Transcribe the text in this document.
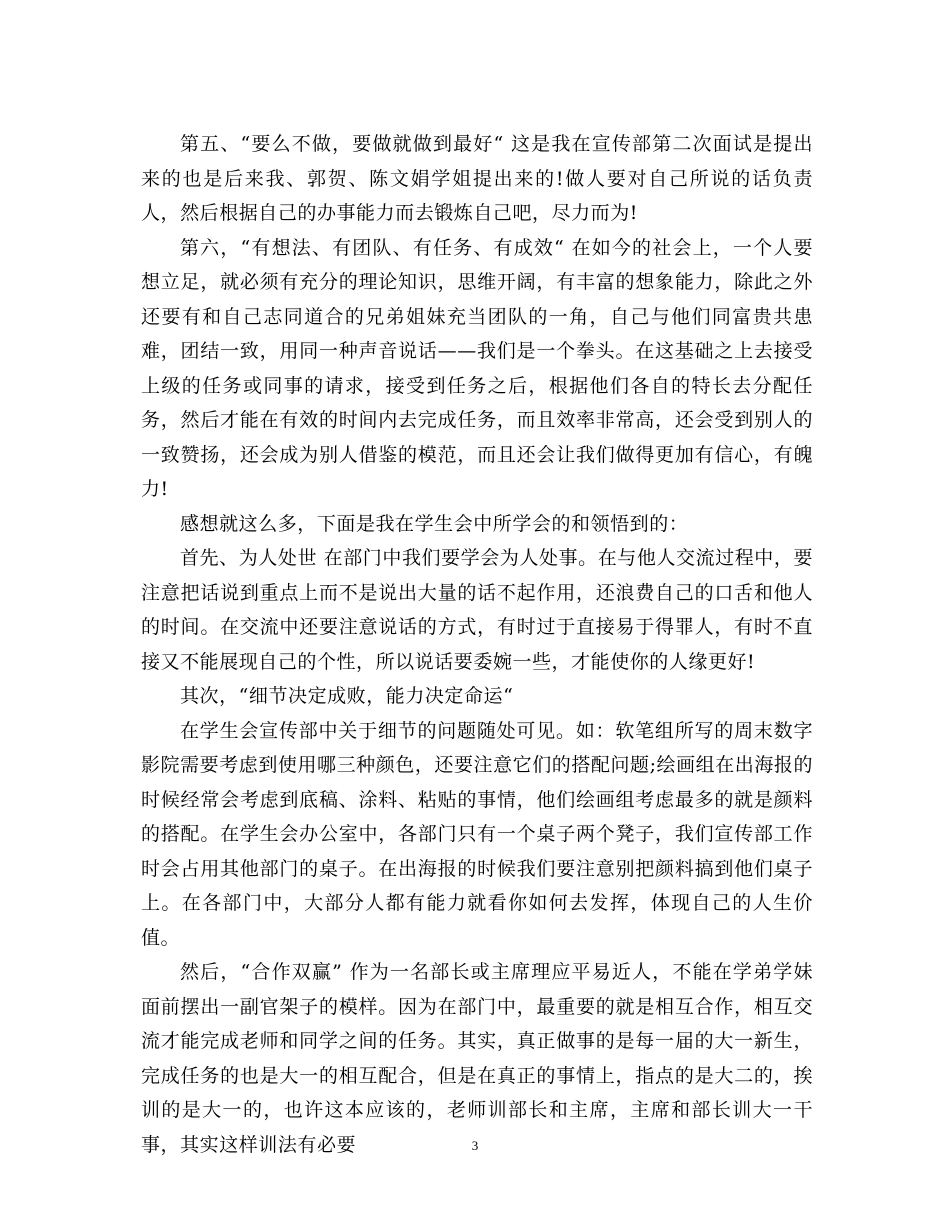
第五、“要么不做，要做就做到最好“ 这是我在宣传部第二次面试是提出来的也是后来我、郭贺、陈文娟学姐提出来的!做人要对自己所说的话负责人，然后根据自己的办事能力而去锻炼自己吧，尽力而为!

第六，“有想法、有团队、有任务、有成效“ 在如今的社会上，一个人要想立足，就必须有充分的理论知识，思维开阔，有丰富的想象能力，除此之外还要有和自己志同道合的兄弟姐妹充当团队的一角，自己与他们同富贵共患难，团结一致，用同一种声音说话——我们是一个拳头。在这基础之上去接受上级的任务或同事的请求，接受到任务之后，根据他们各自的特长去分配任务，然后才能在有效的时间内去完成任务，而且效率非常高，还会受到别人的一致赞扬，还会成为别人借鉴的模范，而且还会让我们做得更加有信心，有魄力!

感想就这么多，下面是我在学生会中所学会的和领悟到的：

首先、为人处世 在部门中我们要学会为人处事。在与他人交流过程中，要注意把话说到重点上而不是说出大量的话不起作用，还浪费自己的口舌和他人的时间。在交流中还要注意说话的方式，有时过于直接易于得罪人，有时不直接又不能展现自己的个性，所以说话要委婉一些，才能使你的人缘更好!

其次，“细节决定成败，能力决定命运“

在学生会宣传部中关于细节的问题随处可见。如：软笔组所写的周末数字影院需要考虑到使用哪三种颜色，还要注意它们的搭配问题;绘画组在出海报的时候经常会考虑到底稿、涂料、粘贴的事情，他们绘画组考虑最多的就是颜料的搭配。在学生会办公室中，各部门只有一个桌子两个凳子，我们宣传部工作时会占用其他部门的桌子。在出海报的时候我们要注意别把颜料搞到他们桌子上。在各部门中，大部分人都有能力就看你如何去发挥，体现自己的人生价值。

然后，“合作双赢” 作为一名部长或主席理应平易近人，不能在学弟学妹面前摆出一副官架子的模样。因为在部门中，最重要的就是相互合作，相互交流才能完成老师和同学之间的任务。其实，真正做事的是每一届的大一新生，完成任务的也是大一的相互配合，但是在真正的事情上，指点的是大二的，挨训的是大一的，也许这本应该的，老师训部长和主席，主席和部长训大一干事，其实这样训法有必要	3
